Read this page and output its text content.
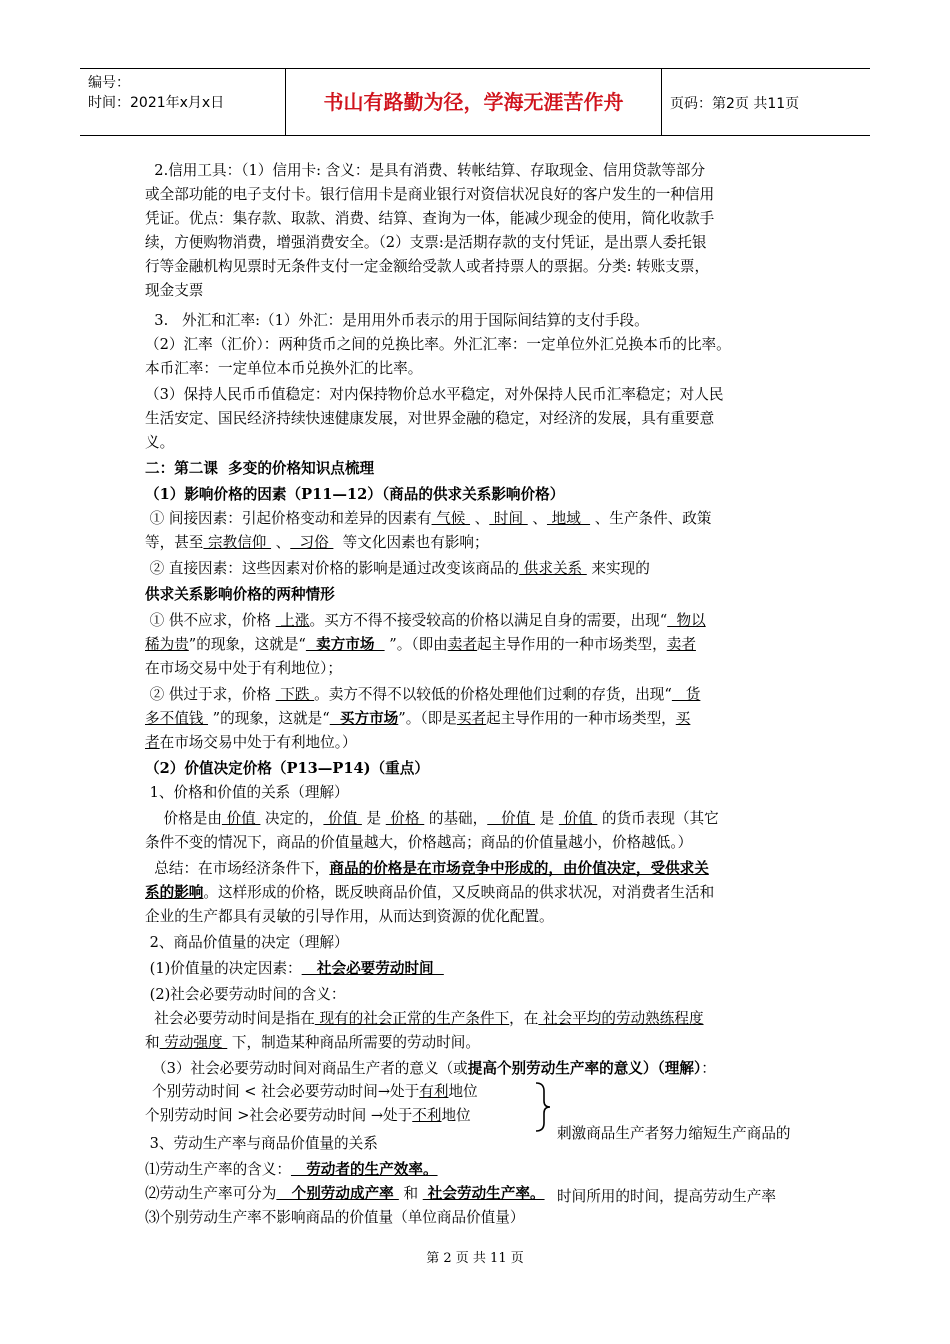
编号：
时间：2021年x月x日	书山有路勤为径，学海无涯苦作舟	页码：第2页 共11页
2.信用工具：（1）信用卡: 含义：是具有消费、转帐结算、存取现金、信用贷款等部分
或全部功能的电子支付卡。银行信用卡是商业银行对资信状况良好的客户发生的一种信用
凭证。优点：集存款、取款、消费、结算、查询为一体，能减少现金的使用，简化收款手
续，方便购物消费，增强消费安全。（2）支票:是活期存款的支付凭证，是出票人委托银
行等金融机构见票时无条件支付一定金额给受款人或者持票人的票据。分类: 转账支票，
现金支票
3.   外汇和汇率:（1）外汇：是用用外币表示的用于国际间结算的支付手段。
（2）汇率（汇价）：两种货币之间的兑换比率。外汇汇率：一定单位外汇兑换本币的比率。
本币汇率：一定单位本币兑换外汇的比率。
（3）保持人民币币值稳定：对内保持物价总水平稳定，对外保持人民币汇率稳定；对人民
生活安定、国民经济持续快速健康发展，对世界金融的稳定，对经济的发展，具有重要意
义。
二：第二课  多变的价格知识点梳理
（1）影响价格的因素（P11—12）（商品的供求关系影响价格）
① 间接因素：引起价格变动和差异的因素有 气候  、 时间  、 地域   、生产条件、政策
等，甚至 宗教信仰  、  习俗   等文化因素也有影响；
② 直接因素：这些因素对价格的影响是通过改变该商品的 供求关系  来实现的
供求关系影响价格的两种情形
① 供不应求，价格  上涨。买方不得不接受较高的价格以满足自身的需要，出现“  物以
稀为贵”的现象，这就是“  卖方市场   ”。（即由卖者起主导作用的一种市场类型，卖者
在市场交易中处于有利地位）；
② 供过于求，价格  下跌 。卖方不得不以较低的价格处理他们过剩的存货，出现“   货
多不值钱  ”的现象，这就是“  买方市场”。（即是买者起主导作用的一种市场类型，买
者在市场交易中处于有利地位。）
（2）价值决定价格（P13—P14)（重点）
1、价格和价值的关系（理解）
价格是由 价值  决定的， 价值  是  价格  的基础，   价值  是  价值  的货币表现（其它
条件不变的情况下，商品的价值量越大，价格越高；商品的价值量越小，价格越低。）
总结：在市场经济条件下，商品的价格是在市场竞争中形成的，由价值决定，受供求关
系的影响。这样形成的价格，既反映商品价值，又反映商品的供求状况，对消费者生活和
企业的生产都具有灵敏的引导作用，从而达到资源的优化配置。
2、商品价值量的决定（理解）
(1)价值量的决定因素：   社会必要劳动时间
(2)社会必要劳动时间的含义：
社会必要劳动时间是指在 现有的社会正常的生产条件下，在 社会平均的劳动熟练程度
和 劳动强度  下，制造某种商品所需要的劳动时间。
（3）社会必要劳动时间对商品生产者的意义（或提高个别劳动生产率的意义）（理解）：
个别劳动时间 < 社会必要劳动时间→处于有利地位
个别劳动时间 >社会必要劳动时间 →处于不利地位
3、劳动生产率与商品价值量的关系
⑴劳动生产率的含义：   劳动者的生产效率。
⑵劳动生产率可分为   个别劳动成产率  和  社会劳动生产率。
⑶个别劳动生产率不影响商品的价值量（单位商品价值量）

刺激商品生产者努力缩短生产商品的

时间所用的时间，提高劳动生产率

第 2 页 共 11 页
